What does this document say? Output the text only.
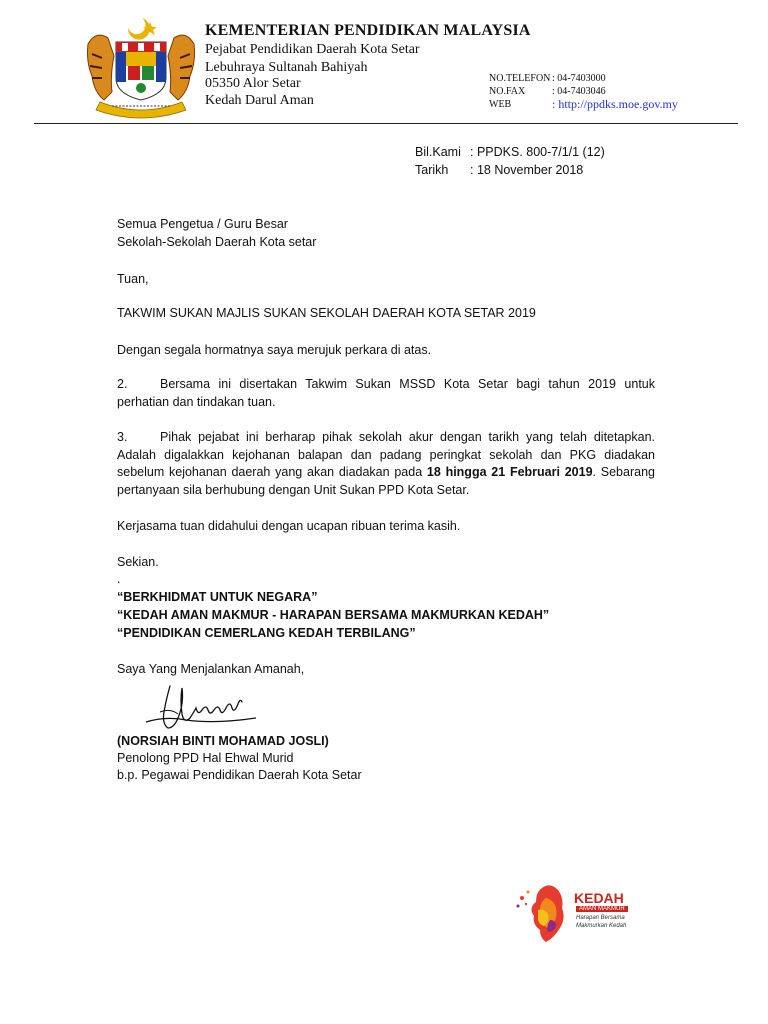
KEMENTERIAN PENDIDIKAN MALAYSIA
Pejabat Pendidikan Daerah Kota Setar
Lebuhraya Sultanah Bahiyah
05350 Alor Setar
Kedah Darul Aman
NO.TELEFON : 04-7403000
NO.FAX	: 04-7403046
WEB	: http://ppdks.moe.gov.my
Bil.Kami : PPDKS. 800-7/1/1 (12)
Tarikh : 18 November 2018
Semua Pengetua / Guru Besar
Sekolah-Sekolah Daerah Kota setar
Tuan,
TAKWIM SUKAN MAJLIS SUKAN SEKOLAH DAERAH KOTA SETAR 2019
Dengan segala hormatnya saya merujuk perkara di atas.
2.	Bersama ini disertakan Takwim Sukan MSSD Kota Setar bagi tahun 2019 untuk perhatian dan tindakan tuan.
3.	Pihak pejabat ini berharap pihak sekolah akur dengan tarikh yang telah ditetapkan. Adalah digalakkan kejohanan balapan dan padang peringkat sekolah dan PKG diadakan sebelum kejohanan daerah yang akan diadakan pada 18 hingga 21 Februari 2019. Sebarang pertanyaan sila berhubung dengan Unit Sukan PPD Kota Setar.
Kerjasama tuan didahului dengan ucapan ribuan terima kasih.
Sekian.
.
“BERKHIDMAT UNTUK NEGARA”
“KEDAH AMAN MAKMUR - HARAPAN BERSAMA MAKMURKAN KEDAH”
“PENDIDIKAN CEMERLANG KEDAH TERBILANG”
Saya Yang Menjalankan Amanah,
(NORSIAH BINTI MOHAMAD JOSLI)
Penolong PPD Hal Ehwal Murid
b.p. Pegawai Pendidikan Daerah Kota Setar
KEDAH
AMAN MAKMUR
Harapan Bersama
Makmurkan Kedah
